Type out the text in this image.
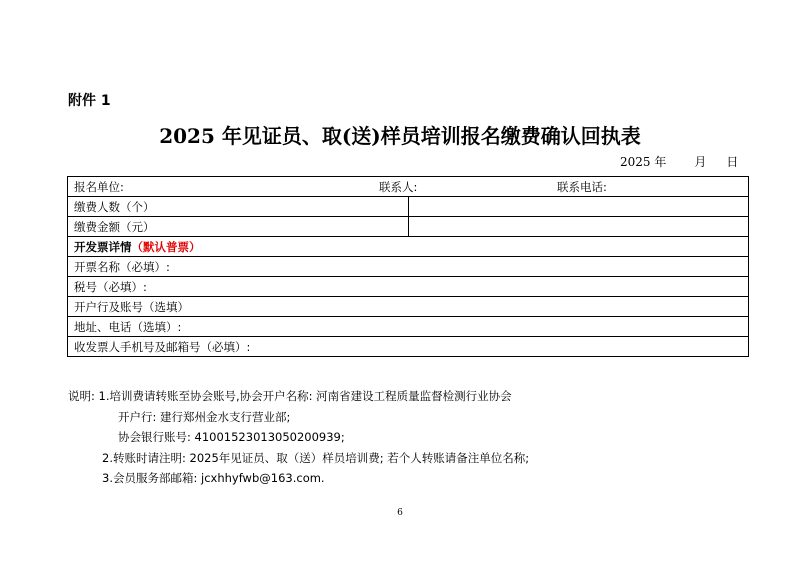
附件 1
2025 年见证员、取(送)样员培训报名缴费确认回执表
2025 年 月 日
报名单位: 联系人: 联系电话:	

缴费人数（个）	
缴费金额（元）	
开发票详情（默认普票）	
开票名称（必填）:	
税号（必填）:	
开户行及账号（选填）	
地址、电话（选填）:	
收发票人手机号及邮箱号（必填）:	
说明: 1.培训费请转账至协会账号,协会开户名称: 河南省建设工程质量监督检测行业协会
开户行: 建行郑州金水支行营业部;
协会银行账号: 41001523013050200939;
2.转账时请注明: 2025年见证员、取（送）样员培训费; 若个人转账请备注单位名称;
3.会员服务部邮箱: jcxhhyfwb@163.com.
6
